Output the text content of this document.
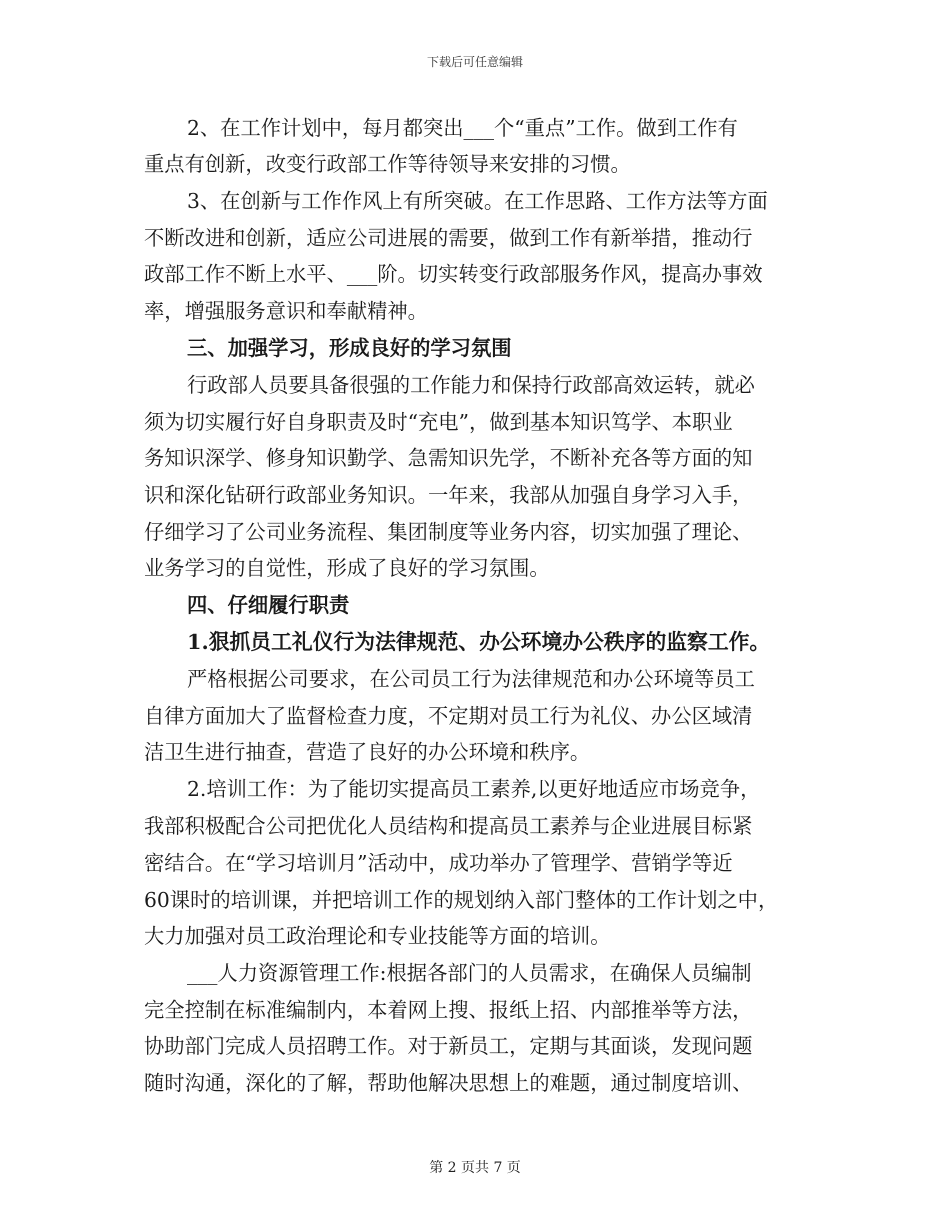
下载后可任意编辑
2、在工作计划中，每月都突出___个“重点”工作。做到工作有
重点有创新，改变行政部工作等待领导来安排的习惯。
3、在创新与工作作风上有所突破。在工作思路、工作方法等方面
不断改进和创新，适应公司进展的需要，做到工作有新举措，推动行
政部工作不断上水平、___阶。切实转变行政部服务作风，提高办事效
率，增强服务意识和奉献精神。
三、加强学习，形成良好的学习氛围
行政部人员要具备很强的工作能力和保持行政部高效运转，就必
须为切实履行好自身职责及时“充电”，做到基本知识笃学、本职业
务知识深学、修身知识勤学、急需知识先学，不断补充各等方面的知
识和深化钻研行政部业务知识。一年来，我部从加强自身学习入手，
仔细学习了公司业务流程、集团制度等业务内容，切实加强了理论、
业务学习的自觉性，形成了良好的学习氛围。
四、仔细履行职责
1.狠抓员工礼仪行为法律规范、办公环境办公秩序的监察工作。
严格根据公司要求，在公司员工行为法律规范和办公环境等员工
自律方面加大了监督检查力度，不定期对员工行为礼仪、办公区域清
洁卫生进行抽查，营造了良好的办公环境和秩序。
2.培训工作：为了能切实提高员工素养,以更好地适应市场竞争，
我部积极配合公司把优化人员结构和提高员工素养与企业进展目标紧
密结合。在“学习培训月”活动中，成功举办了管理学、营销学等近
60课时的培训课，并把培训工作的规划纳入部门整体的工作计划之中，
大力加强对员工政治理论和专业技能等方面的培训。
___人力资源管理工作:根据各部门的人员需求，在确保人员编制
完全控制在标准编制内，本着网上搜、报纸上招、内部推举等方法，
协助部门完成人员招聘工作。对于新员工，定期与其面谈，发现问题
随时沟通，深化的了解，帮助他解决思想上的难题，通过制度培训、
第 2 页共 7 页
